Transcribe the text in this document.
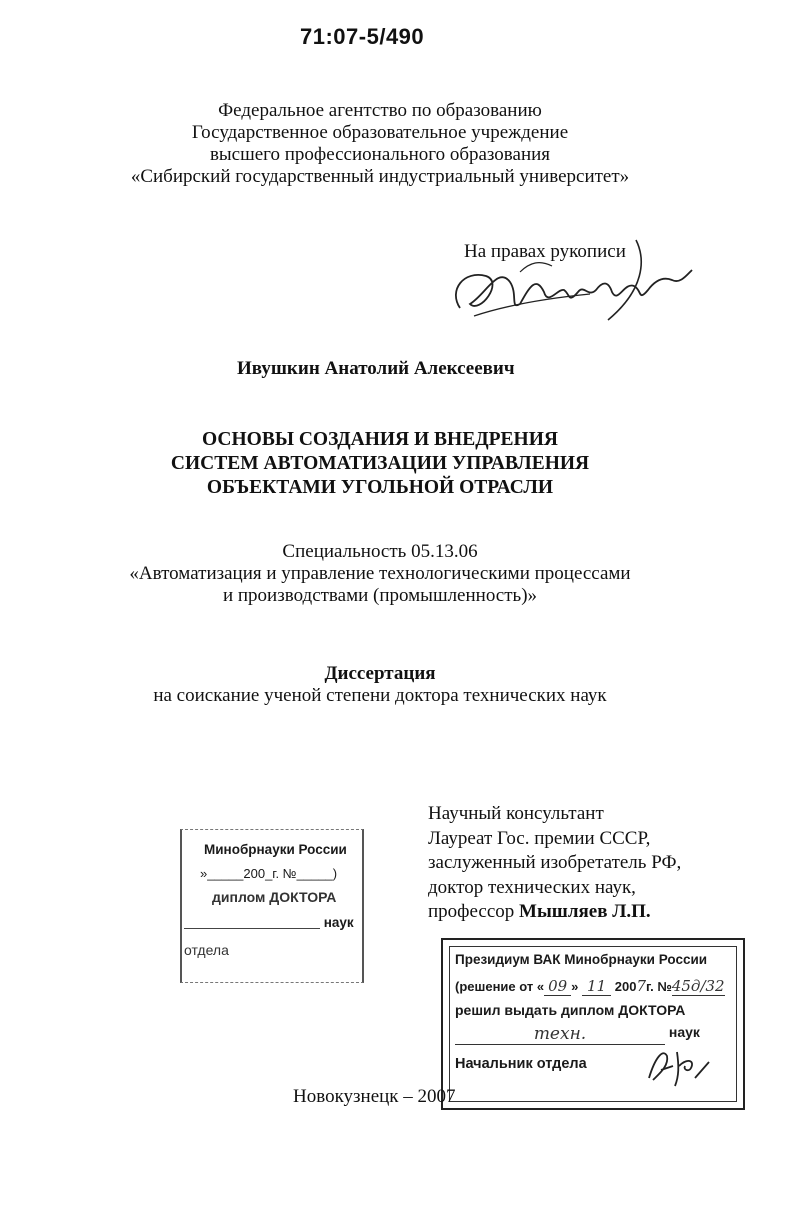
71:07-5/490
Федеральное агентство по образованию
Государственное образовательное учреждение
высшего профессионального образования
«Сибирский государственный индустриальный университет»
На правах рукописи
Ивушкин Анатолий Алексеевич
ОСНОВЫ СОЗДАНИЯ И ВНЕДРЕНИЯ
СИСТЕМ АВТОМАТИЗАЦИИ УПРАВЛЕНИЯ
ОБЪЕКТАМИ УГОЛЬНОЙ ОТРАСЛИ
Специальность 05.13.06
«Автоматизация и управление технологическими процессами
и производствами (промышленность)»
Диссертация
на соискание ученой степени доктора технических наук
Научный консультант
Лауреат Гос. премии СССР,
заслуженный изобретатель РФ,
доктор технических наук,
профессор Мышляев Л.П.
Минобрнауки России
»_____200_г. №_____)
диплом ДОКТОРА
наук
отдела
Президиум ВАК Минобрнауки России
(решение от « 09 » 11 2007г. №45д/32
решил выдать диплом ДОКТОРА
техн.	наук
Начальник отдела
Новокузнецк – 2007
